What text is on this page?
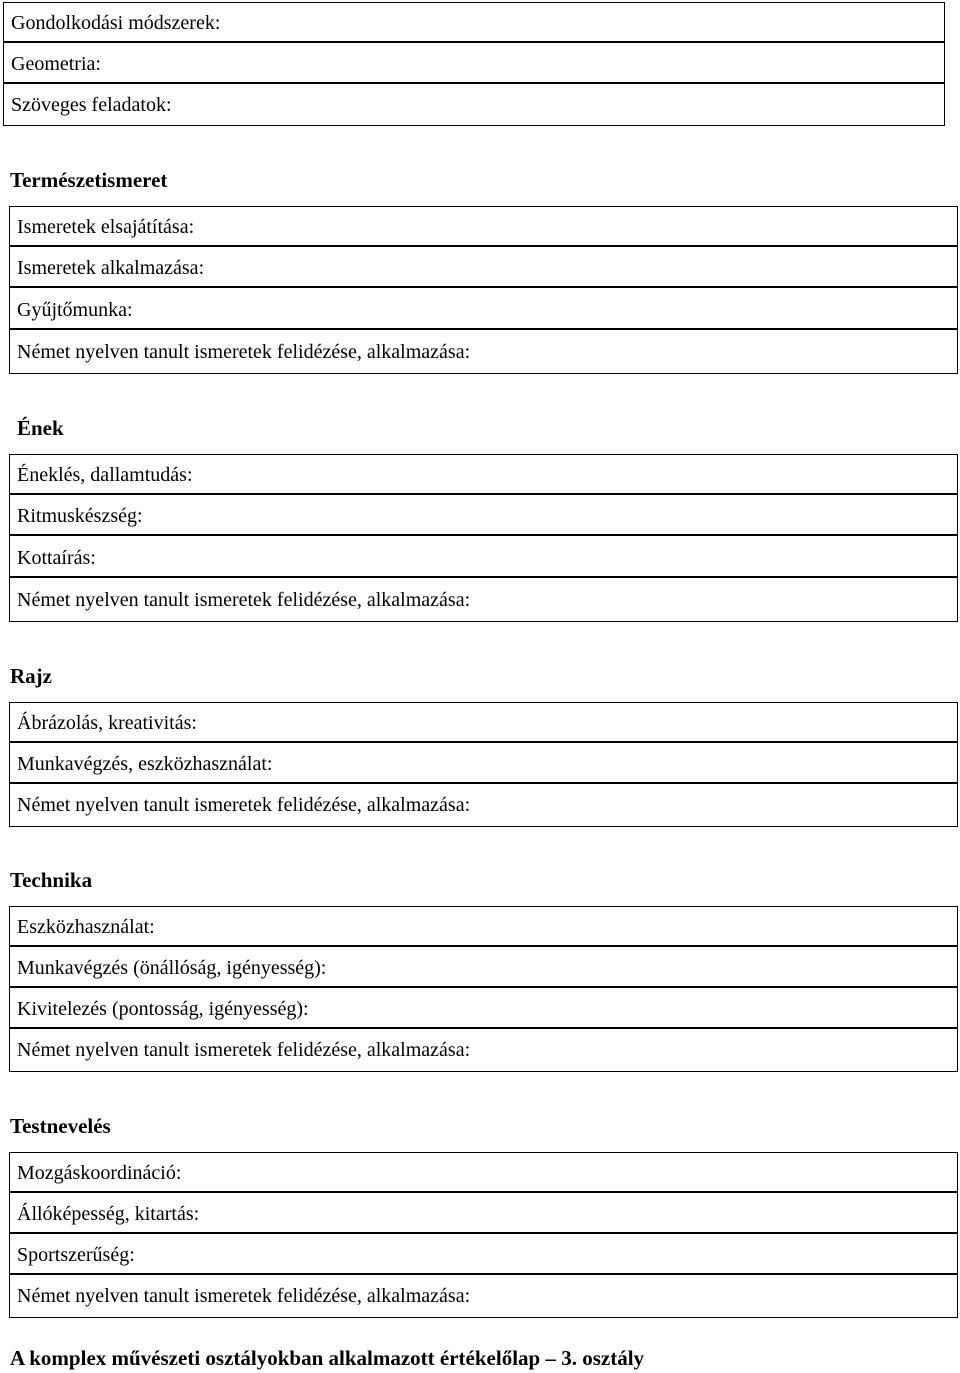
Gondolkodási módszerek:
Geometria:
Szöveges feladatok:
Természetismeret
Ismeretek elsajátítása:
Ismeretek alkalmazása:
Gyűjtőmunka:
Német nyelven tanult ismeretek felidézése, alkalmazása:
Ének
Éneklés, dallamtudás:
Ritmuskészség:
Kottaírás:
Német nyelven tanult ismeretek felidézése, alkalmazása:
Rajz
Ábrázolás, kreativitás:
Munkavégzés, eszközhasználat:
Német nyelven tanult ismeretek felidézése, alkalmazása:
Technika
Eszközhasználat:
Munkavégzés (önállóság, igényesség):
Kivitelezés (pontosság, igényesség):
Német nyelven tanult ismeretek felidézése, alkalmazása:
Testnevelés
Mozgáskoordináció:
Állóképesség, kitartás:
Sportszerűség:
Német nyelven tanult ismeretek felidézése, alkalmazása:
A komplex művészeti osztályokban alkalmazott értékelőlap – 3. osztály
